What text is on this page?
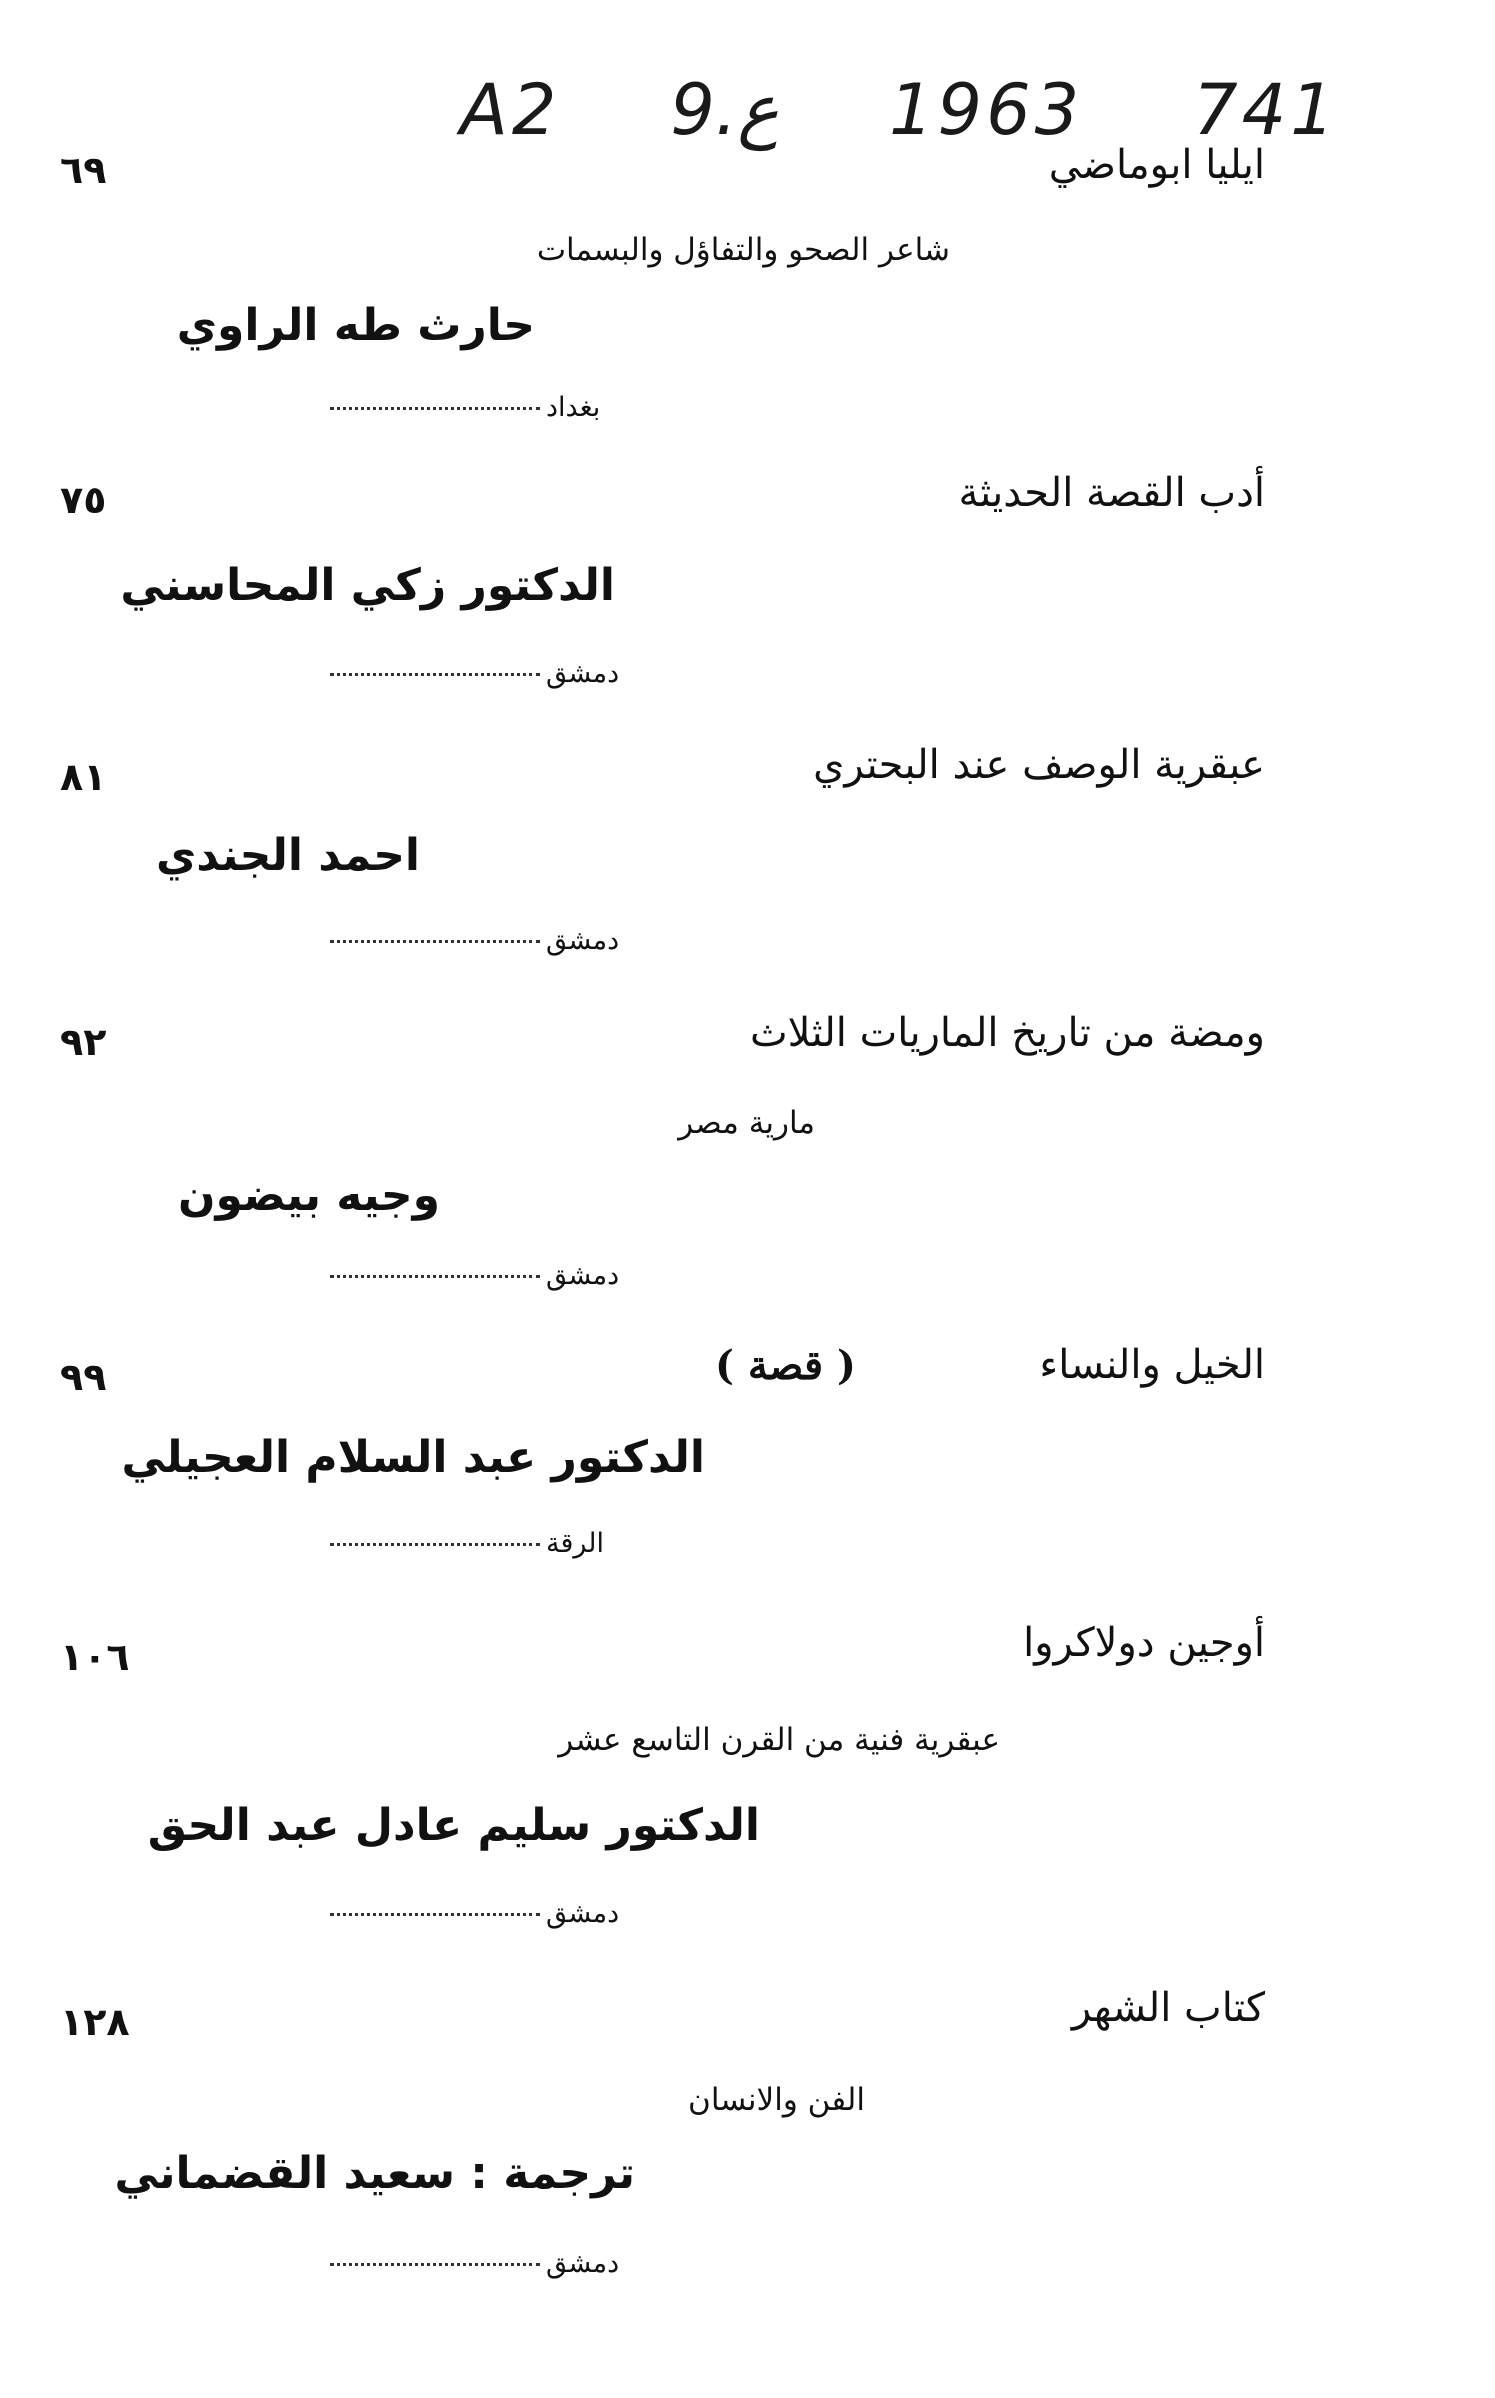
A2 9.ع 1963 741
٦٩	ايليا ابوماضي
شاعر الصحو والتفاؤل والبسمات
حارث طه الراوي
بغداد
٧٥	أدب القصة الحديثة
الدكتور زكي المحاسني
دمشق
٨١	عبقرية الوصف عند البحتري
احمد الجندي
دمشق
٩٢	ومضة من تاريخ الماريات الثلاث
مارية مصر
وجيه بيضون
دمشق
٩٩	الخيل والنساء
( قصة )
الدكتور عبد السلام العجيلي
الرقة
١٠٦	أوجين دولاكروا
عبقرية فنية من القرن التاسع عشر
الدكتور سليم عادل عبد الحق
دمشق
١٢٨	كتاب الشهر
الفن والانسان
ترجمة : سعيد القضماني
دمشق
